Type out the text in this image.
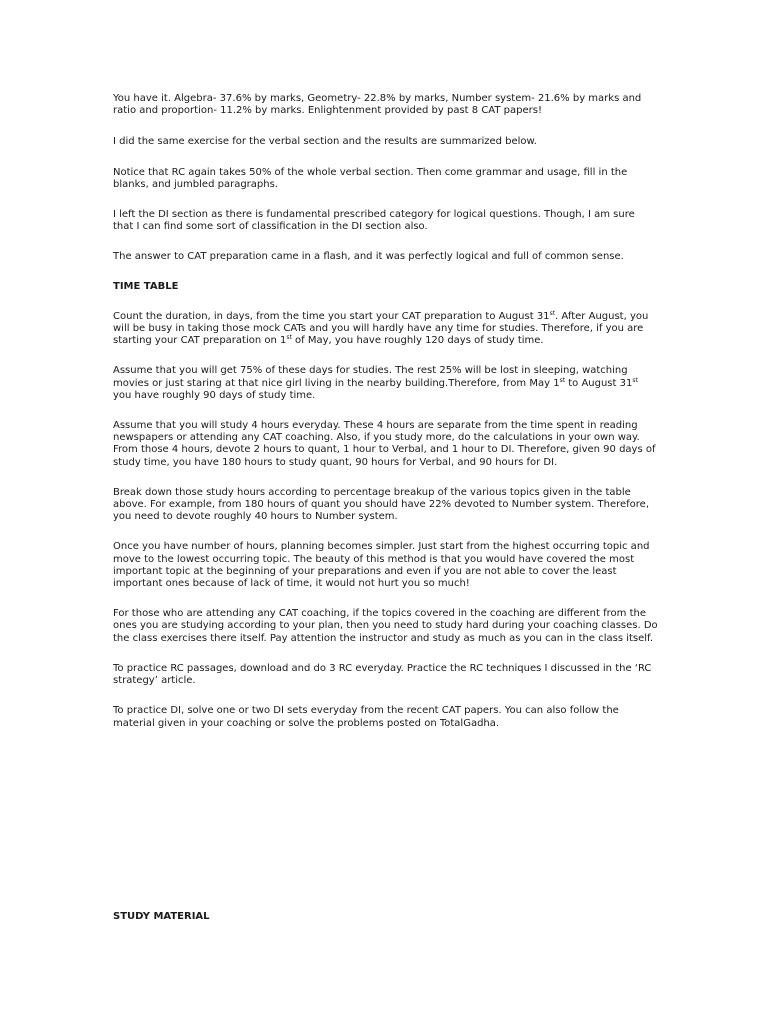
You have it. Algebra- 37.6% by marks, Geometry- 22.8% by marks, Number system- 21.6% by marks and ratio and proportion- 11.2% by marks. Enlightenment provided by past 8 CAT papers!

I did the same exercise for the verbal section and the results are summarized below.

Notice that RC again takes 50% of the whole verbal section. Then come grammar and usage, fill in the blanks, and jumbled paragraphs.

I left the DI section as there is fundamental prescribed category for logical questions. Though, I am sure that I can find some sort of classification in the DI section also.

The answer to CAT preparation came in a flash, and it was perfectly logical and full of common sense.

TIME TABLE

Count the duration, in days, from the time you start your CAT preparation to August 31st. After August, you will be busy in taking those mock CATs and you will hardly have any time for studies. Therefore, if you are starting your CAT preparation on 1st of May, you have roughly 120 days of study time.

Assume that you will get 75% of these days for studies. The rest 25% will be lost in sleeping, watching movies or just staring at that nice girl living in the nearby building.Therefore, from May 1st to August 31st you have roughly 90 days of study time.

Assume that you will study 4 hours everyday. These 4 hours are separate from the time spent in reading newspapers or attending any CAT coaching. Also, if you study more, do the calculations in your own way. From those 4 hours, devote 2 hours to quant, 1 hour to Verbal, and 1 hour to DI. Therefore, given 90 days of study time, you have 180 hours to study quant, 90 hours for Verbal, and 90 hours for DI.

Break down those study hours according to percentage breakup of the various topics given in the table above. For example, from 180 hours of quant you should have 22% devoted to Number system. Therefore, you need to devote roughly 40 hours to Number system.

Once you have number of hours, planning becomes simpler. Just start from the highest occurring topic and move to the lowest occurring topic. The beauty of this method is that you would have covered the most important topic at the beginning of your preparations and even if you are not able to cover the least important ones because of lack of time, it would not hurt you so much!

For those who are attending any CAT coaching, if the topics covered in the coaching are different from the ones you are studying according to your plan, then you need to study hard during your coaching classes. Do the class exercises there itself. Pay attention the instructor and study as much as you can in the class itself.

To practice RC passages, download and do 3 RC everyday. Practice the RC techniques I discussed in the ‘RC strategy’ article.

To practice DI, solve one or two DI sets everyday from the recent CAT papers. You can also follow the material given in your coaching or solve the problems posted on TotalGadha.

STUDY MATERIAL
